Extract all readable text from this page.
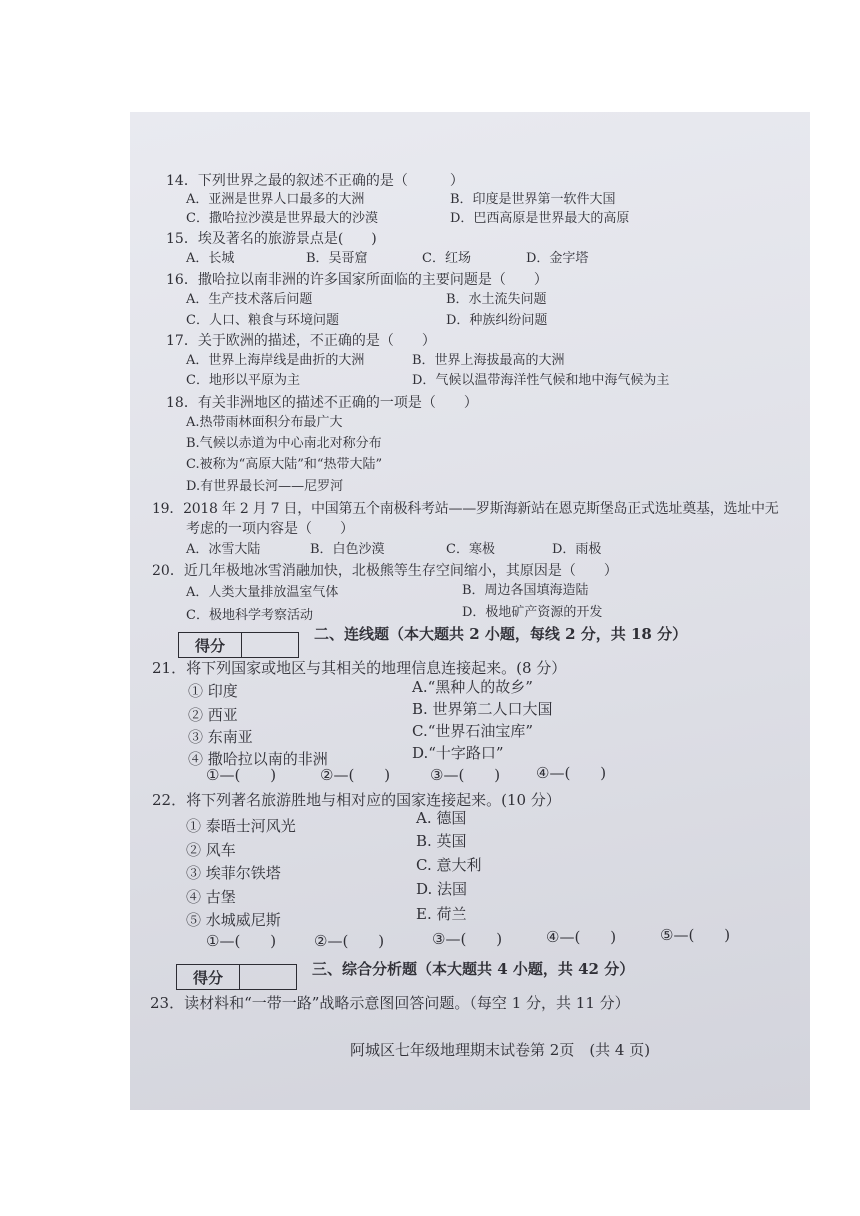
14．下列世界之最的叙述不正确的是（　　　）
A．亚洲是世界人口最多的大洲	B．印度是世界第一软件大国
C．撒哈拉沙漠是世界最大的沙漠	D．巴西高原是世界最大的高原
15．埃及著名的旅游景点是(　　)
A．长城	B．吴哥窟	C．红场	D．金字塔
16．撒哈拉以南非洲的许多国家所面临的主要问题是（　　）
A．生产技术落后问题	B．水土流失问题
C．人口、粮食与环境问题	D．种族纠纷问题
17．关于欧洲的描述，不正确的是（　　）
A．世界上海岸线是曲折的大洲	B．世界上海拔最高的大洲
C．地形以平原为主	D．气候以温带海洋性气候和地中海气候为主
18．有关非洲地区的描述不正确的一项是（　　）
A.热带雨林面积分布最广大
B.气候以赤道为中心南北对称分布
C.被称为“高原大陆”和“热带大陆”
D.有世界最长河——尼罗河
19．2018 年 2 月 7 日，中国第五个南极科考站——罗斯海新站在恩克斯堡岛正式选址奠基，选址中无
考虑的一项内容是（　　）
A．冰雪大陆	B．白色沙漠	C．寒极	D．雨极
20．近几年极地冰雪消融加快，北极熊等生存空间缩小，其原因是（　　）
A．人类大量排放温室气体	B．周边各国填海造陆
C．极地科学考察活动	D．极地矿产资源的开发
得分
二、连线题（本大题共 2 小题，每线 2 分，共 18 分）
21．将下列国家或地区与其相关的地理信息连接起来。(8 分）
① 印度
② 西亚
③ 东南亚
④ 撒哈拉以南的非洲
A.“黑种人的故乡”
B. 世界第二人口大国
C.“世界石油宝库”
D.“十字路口”
①—(　　)	②—(　　)	③—(　　) ④—(　　)
22．将下列著名旅游胜地与相对应的国家连接起来。(10 分）
① 泰晤士河风光
② 风车
③ 埃菲尔铁塔
④ 古堡
⑤ 水城威尼斯
A. 德国
B. 英国
C. 意大利
D. 法国
E. 荷兰
①—(　　)	②—(　　)	③—(　　)	④—(　　)	⑤—(　　)
得分	三、综合分析题（本大题共 4 小题，共 42 分）
23．读材料和“一带一路”战略示意图回答问题。（每空 1 分，共 11 分）
阿城区七年级地理期末试卷第 2页　(共 4 页)
